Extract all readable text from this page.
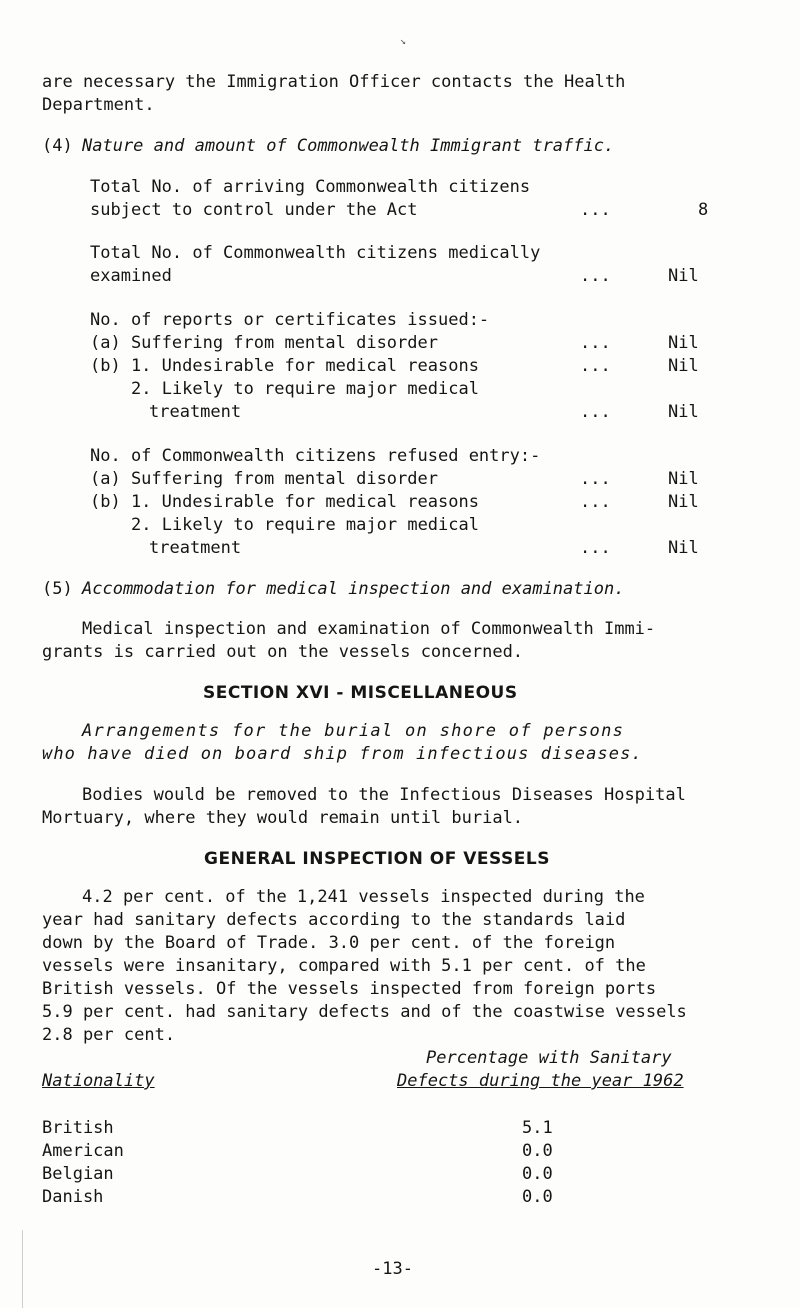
↘
are necessary the Immigration Officer contacts the Health
Department.
(4) Nature and amount of Commonwealth Immigrant traffic.
Total No. of arriving Commonwealth citizens
subject to control under the Act	...	8
Total No. of Commonwealth citizens medically
examined	...	Nil
No. of reports or certificates issued:-
(a) Suffering from mental disorder	...	Nil
(b) 1. Undesirable for medical reasons	...	Nil
2. Likely to require major medical
treatment	...	Nil
No. of Commonwealth citizens refused entry:-
(a) Suffering from mental disorder	...	Nil
(b) 1. Undesirable for medical reasons	...	Nil
2. Likely to require major medical
treatment	...	Nil
(5) Accommodation for medical inspection and examination.
Medical inspection and examination of Commonwealth Immi-
grants is carried out on the vessels concerned.
SECTION XVI - MISCELLANEOUS
Arrangements for the burial on shore of persons
who have died on board ship from infectious diseases.
Bodies would be removed to the Infectious Diseases Hospital
Mortuary, where they would remain until burial.
GENERAL INSPECTION OF VESSELS
4.2 per cent. of the 1,241 vessels inspected during the
year had sanitary defects according to the standards laid
down by the Board of Trade. 3.0 per cent. of the foreign
vessels were insanitary, compared with 5.1 per cent. of the
British vessels. Of the vessels inspected from foreign ports
5.9 per cent. had sanitary defects and of the coastwise vessels
2.8 per cent.
Percentage with Sanitary
Nationality	Defects during the year 1962
British	5.1
American	0.0
Belgian	0.0
Danish	0.0
-13-
